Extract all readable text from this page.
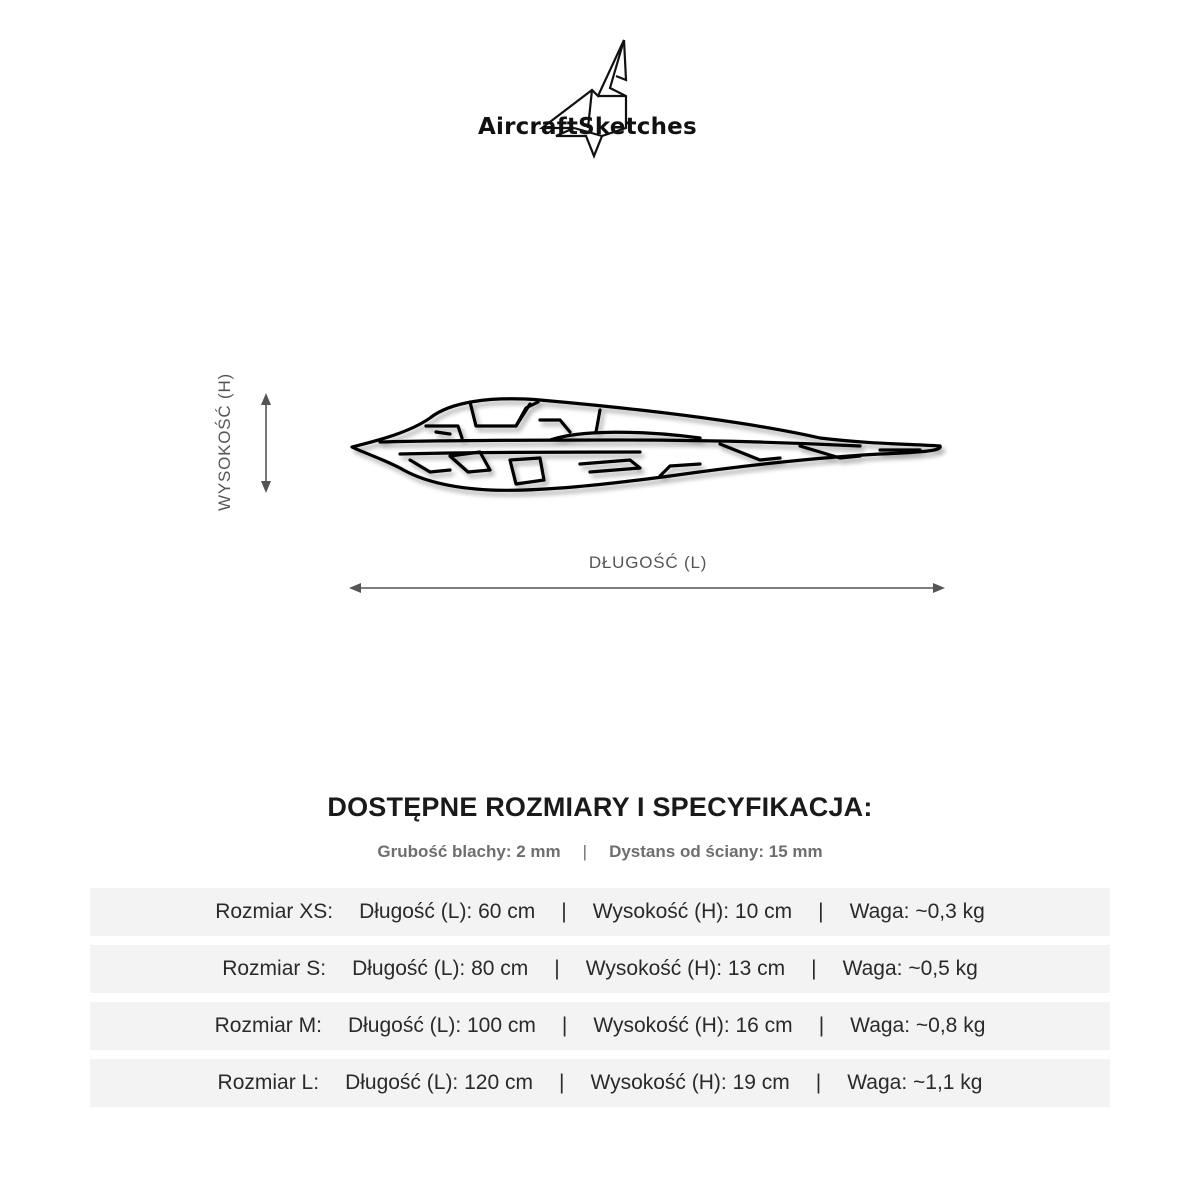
AircraftSketches
WYSOKOŚĆ (H)
DŁUGOŚĆ (L)
DOSTĘPNE ROZMIARY I SPECYFIKACJA:
Grubość blachy: 2 mm | Dystans od ściany: 15 mm
Rozmiar XS: Długość (L): 60 cm | Wysokość (H): 10 cm | Waga: ~0,3 kg
Rozmiar S: Długość (L): 80 cm | Wysokość (H): 13 cm | Waga: ~0,5 kg
Rozmiar M: Długość (L): 100 cm | Wysokość (H): 16 cm | Waga: ~0,8 kg
Rozmiar L: Długość (L): 120 cm | Wysokość (H): 19 cm | Waga: ~1,1 kg
